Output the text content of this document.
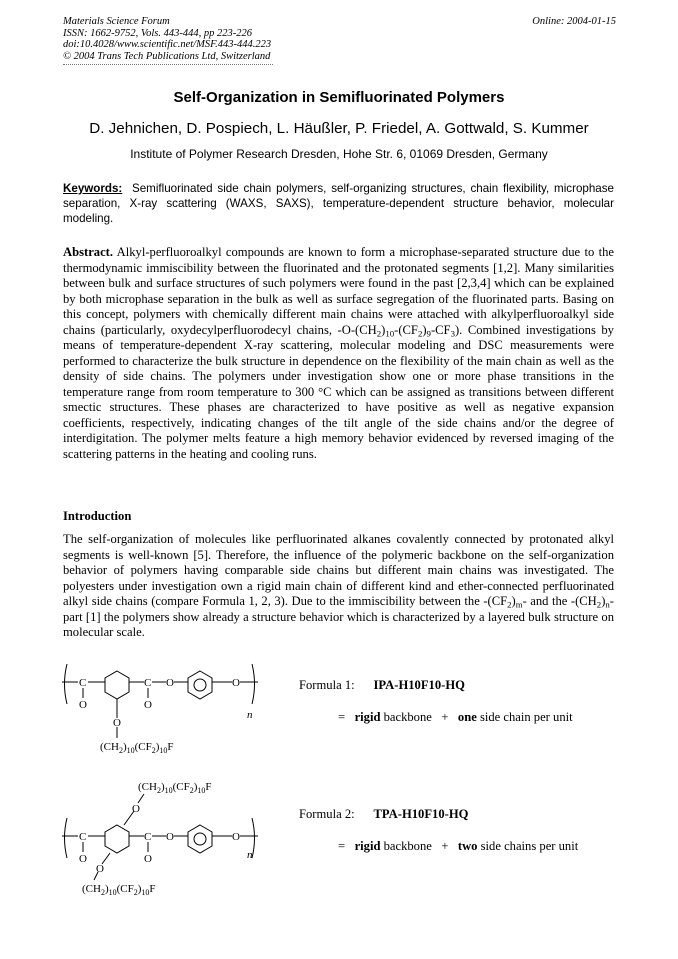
Materials Science Forum
ISSN: 1662-9752, Vols. 443-444, pp 223-226
doi:10.4028/www.scientific.net/MSF.443-444.223
© 2004 Trans Tech Publications Ltd, Switzerland
Online: 2004-01-15
Self-Organization in Semifluorinated Polymers
D. Jehnichen, D. Pospiech, L. Häußler, P. Friedel, A. Gottwald, S. Kummer
Institute of Polymer Research Dresden, Hohe Str. 6, 01069 Dresden, Germany
Keywords: Semifluorinated side chain polymers, self-organizing structures, chain flexibility, microphase separation, X-ray scattering (WAXS, SAXS), temperature-dependent structure behavior, molecular modeling.
Abstract. Alkyl-perfluoroalkyl compounds are known to form a microphase-separated structure due to the thermodynamic immiscibility between the fluorinated and the protonated segments [1,2]. Many similarities between bulk and surface structures of such polymers were found in the past [2,3,4] which can be explained by both microphase separation in the bulk as well as surface segregation of the fluorinated parts. Basing on this concept, polymers with chemically different main chains were attached with alkylperfluoroalkyl side chains (particularly, oxydecylperfluorodecyl chains, $-O-(CH_2)_{10}-(CF_2)_9-CF_3$). Combined investigations by means of temperature-dependent X-ray scattering, molecular modeling and DSC measurements were performed to characterize the bulk structure in dependence on the flexibility of the main chain as well as the density of side chains. The polymers under investigation show one or more phase transitions in the temperature range from room temperature to 300 °C which can be assigned as transitions between different smectic structures. These phases are characterized to have positive as well as negative expansion coefficients, respectively, indicating changes of the tilt angle of the side chains and/or the degree of interdigitation. The polymer melts feature a high memory behavior evidenced by reversed imaging of the scattering patterns in the heating and cooling runs.
Introduction
The self-organization of molecules like perfluorinated alkanes covalently connected by protonated alkyl segments is well-known [5]. Therefore, the influence of the polymeric backbone on the self-organization behavior of polymers having comparable side chains but different main chains was investigated. The polyesters under investigation own a rigid main chain of different kind and ether-connected perfluorinated alkyl side chains (compare Formula 1, 2, 3). Due to the immiscibility between the $-(CF_2)_m-$ and the $-(CH_2)_n-$ part [1] the polymers show already a structure behavior which is characterized by a layered bulk structure on molecular scale.
C
O
C
O
O	O
O
n
$(CH_2)_{10}(CF_2)_{10}F$
C
O
C
O
O	O
O
O
n
$(CH_2)_{10}(CF_2)_{10}F$
$(CH_2)_{10}(CF_2)_{10}F$
Formula 1: IPA-H10F10-HQ
= rigid backbone + one side chain per unit
Formula 2: TPA-H10F10-HQ
= rigid backbone + two side chains per unit
